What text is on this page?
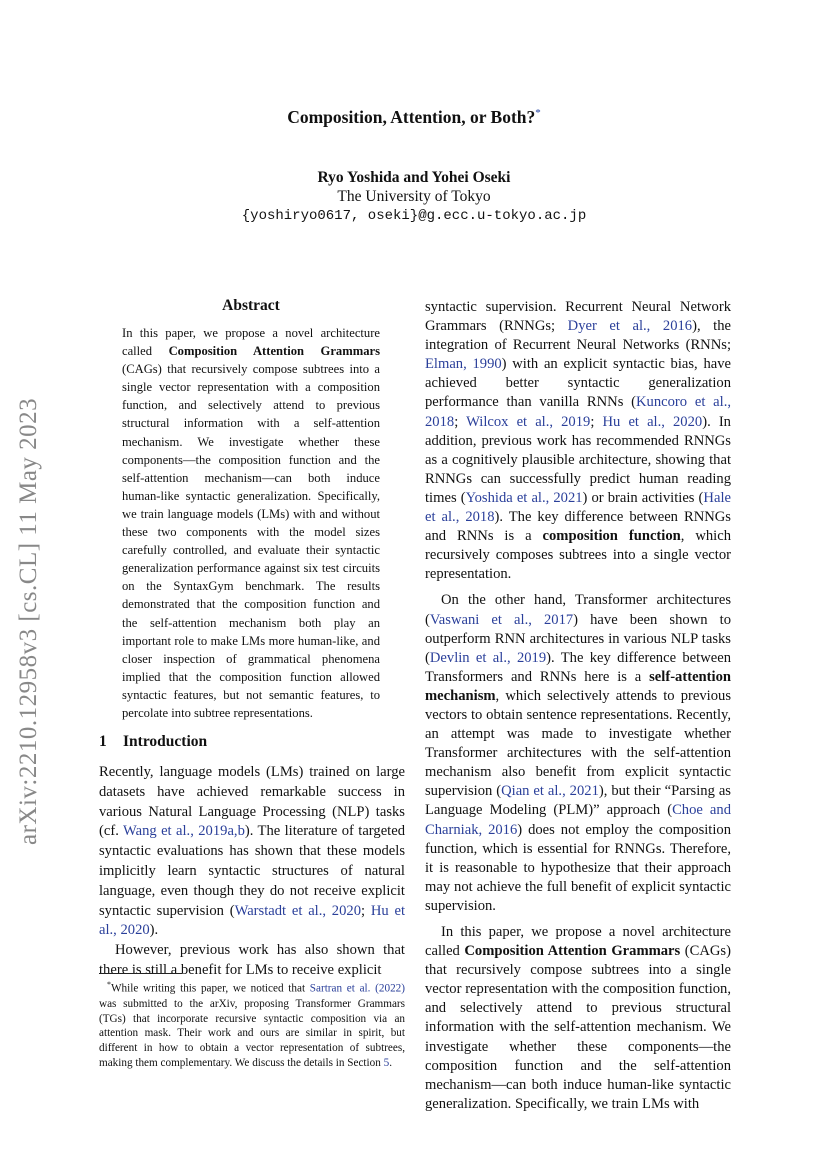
arXiv:2210.12958v3 [cs.CL] 11 May 2023
Composition, Attention, or Both?*
Ryo Yoshida and Yohei Oseki
The University of Tokyo
{yoshiryo0617, oseki}@g.ecc.u-tokyo.ac.jp
Abstract
In this paper, we propose a novel architecture called Composition Attention Grammars (CAGs) that recursively compose subtrees into a single vector representation with a composition function, and selectively attend to previous structural information with a self-attention mechanism. We investigate whether these components—the composition function and the self-attention mechanism—can both induce human-like syntactic generalization. Specifically, we train language models (LMs) with and without these two components with the model sizes carefully controlled, and evaluate their syntactic generalization performance against six test circuits on the SyntaxGym benchmark. The results demonstrated that the composition function and the self-attention mechanism both play an important role to make LMs more human-like, and closer inspection of grammatical phenomena implied that the composition function allowed syntactic features, but not semantic features, to percolate into subtree representations.
1 Introduction

Recently, language models (LMs) trained on large datasets have achieved remarkable success in various Natural Language Processing (NLP) tasks (cf. Wang et al., 2019a,b). The literature of targeted syntactic evaluations has shown that these models implicitly learn syntactic structures of natural language, even though they do not receive explicit syntactic supervision (Warstadt et al., 2020; Hu et al., 2020).

However, previous work has also shown that there is still a benefit for LMs to receive explicit

*While writing this paper, we noticed that Sartran et al. (2022) was submitted to the arXiv, proposing Transformer Grammars (TGs) that incorporate recursive syntactic composition via an attention mask. Their work and ours are similar in spirit, but different in how to obtain a vector representation of subtrees, making them complementary. We discuss the details in Section 5.

syntactic supervision. Recurrent Neural Network Grammars (RNNGs; Dyer et al., 2016), the integration of Recurrent Neural Networks (RNNs; Elman, 1990) with an explicit syntactic bias, have achieved better syntactic generalization performance than vanilla RNNs (Kuncoro et al., 2018; Wilcox et al., 2019; Hu et al., 2020). In addition, previous work has recommended RNNGs as a cognitively plausible architecture, showing that RNNGs can successfully predict human reading times (Yoshida et al., 2021) or brain activities (Hale et al., 2018). The key difference between RNNGs and RNNs is a composition function, which recursively composes subtrees into a single vector representation.

On the other hand, Transformer architectures (Vaswani et al., 2017) have been shown to outperform RNN architectures in various NLP tasks (Devlin et al., 2019). The key difference between Transformers and RNNs here is a self-attention mechanism, which selectively attends to previous vectors to obtain sentence representations. Recently, an attempt was made to investigate whether Transformer architectures with the self-attention mechanism also benefit from explicit syntactic supervision (Qian et al., 2021), but their “Parsing as Language Modeling (PLM)” approach (Choe and Charniak, 2016) does not employ the composition function, which is essential for RNNGs. Therefore, it is reasonable to hypothesize that their approach may not achieve the full benefit of explicit syntactic supervision.

In this paper, we propose a novel architecture called Composition Attention Grammars (CAGs) that recursively compose subtrees into a single vector representation with the composition function, and selectively attend to previous structural information with the self-attention mechanism. We investigate whether these components—the composition function and the self-attention mechanism—can both induce human-like syntactic generalization. Specifically, we train LMs with
